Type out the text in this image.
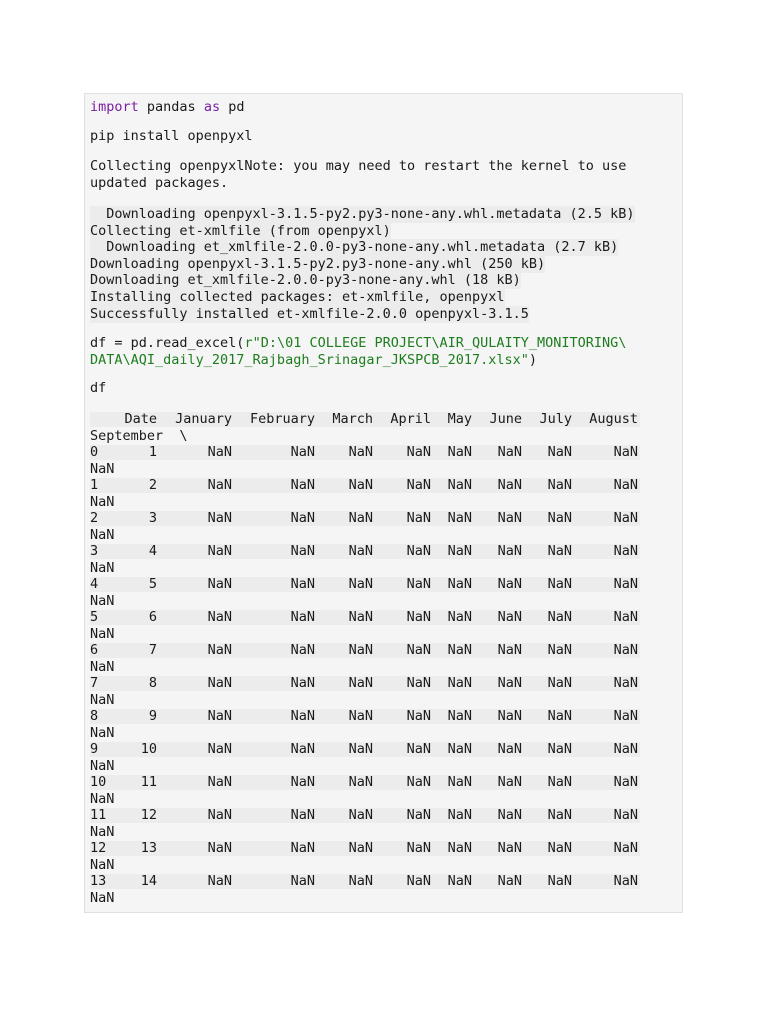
import pandas as pd
pip install openpyxl
Collecting openpyxlNote: you may need to restart the kernel to use
updated packages.
Downloading openpyxl-3.1.5-py2.py3-none-any.whl.metadata (2.5 kB)
Collecting et-xmlfile (from openpyxl)
Downloading et_xmlfile-2.0.0-py3-none-any.whl.metadata (2.7 kB)
Downloading openpyxl-3.1.5-py2.py3-none-any.whl (250 kB)
Downloading et_xmlfile-2.0.0-py3-none-any.whl (18 kB)
Installing collected packages: et-xmlfile, openpyxl
Successfully installed et-xmlfile-2.0.0 openpyxl-3.1.5
df = pd.read_excel(r"D:\01 COLLEGE PROJECT\AIR_QULAITY_MONITORING\
DATA\AQI_daily_2017_Rajbagh_Srinagar_JKSPCB_2017.xlsx")
df
Date	January	February	March	April	May	June	July	August
September  \
0	1	NaN	NaN	NaN	NaN	NaN	NaN	NaN	NaN
NaN
1	2	NaN	NaN	NaN	NaN	NaN	NaN	NaN	NaN
NaN
2	3	NaN	NaN	NaN	NaN	NaN	NaN	NaN	NaN
NaN
3	4	NaN	NaN	NaN	NaN	NaN	NaN	NaN	NaN
NaN
4	5	NaN	NaN	NaN	NaN	NaN	NaN	NaN	NaN
NaN
5	6	NaN	NaN	NaN	NaN	NaN	NaN	NaN	NaN
NaN
6	7	NaN	NaN	NaN	NaN	NaN	NaN	NaN	NaN
NaN
7	8	NaN	NaN	NaN	NaN	NaN	NaN	NaN	NaN
NaN
8	9	NaN	NaN	NaN	NaN	NaN	NaN	NaN	NaN
NaN
9	10	NaN	NaN	NaN	NaN	NaN	NaN	NaN	NaN
NaN
10	11	NaN	NaN	NaN	NaN	NaN	NaN	NaN	NaN
NaN
11	12	NaN	NaN	NaN	NaN	NaN	NaN	NaN	NaN
NaN
12	13	NaN	NaN	NaN	NaN	NaN	NaN	NaN	NaN
NaN
13	14	NaN	NaN	NaN	NaN	NaN	NaN	NaN	NaN
NaN
